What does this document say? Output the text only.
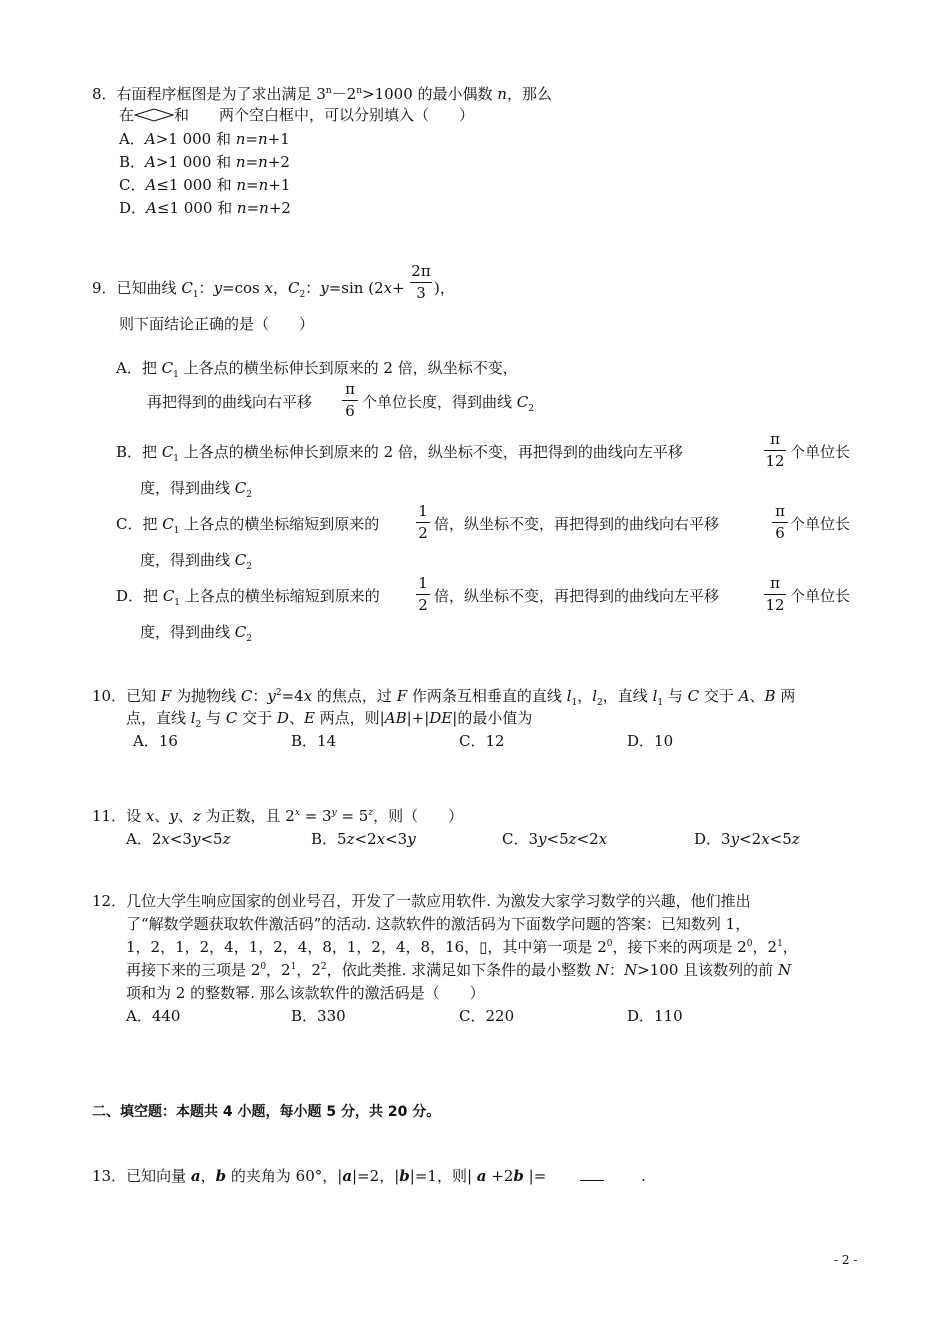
8．右面程序框图是为了求出满足 $3^n-2^n>1000$ 的最小偶数 n，那么
在	和　　两个空白框中，可以分别填入（　　）
A．A>1 000 和 n=n+1
B．A>1 000 和 n=n+2
C．A≤1 000 和 n=n+1
D．A≤1 000 和 n=n+2
9．已知曲线 $C_1$：y=cos x，$C_2$：y=sin (2x+
2π
3 )，
则下面结论正确的是（　　）
A．把 $C_1$ 上各点的横坐标伸长到原来的 2 倍，纵坐标不变，
再把得到的曲线向右平移
π
6 个单位长度，得到曲线 $C_2$
B．把 $C_1$ 上各点的横坐标伸长到原来的 2 倍，纵坐标不变，再把得到的曲线向左平移
π
12 个单位长
度，得到曲线 $C_2$
C．把 $C_1$ 上各点的横坐标缩短到原来的
1
2 倍，纵坐标不变，再把得到的曲线向右平移
π
6 个单位长
度，得到曲线 $C_2$
D．把 $C_1$ 上各点的横坐标缩短到原来的
1
2 倍，纵坐标不变，再把得到的曲线向左平移
π
12 个单位长
度，得到曲线 $C_2$
10．已知 F 为抛物线 C：$y^2=4x$ 的焦点，过 F 作两条互相垂直的直线 $l_1$，$l_2$，直线 $l_1$ 与 C 交于 A、B 两
点，直线 $l_2$ 与 C 交于 D、E 两点，则|AB|+|DE|的最小值为
A．16	B．14	C．12	D．10
11．设 x、y、z 为正数，且 $2^x = 3^y = 5^z$，则（　　）
A．2x<3y<5z	B．5z<2x<3y	C．3y<5z<2x	D．3y<2x<5z
12．几位大学生响应国家的创业号召，开发了一款应用软件. 为激发大家学习数学的兴趣，他们推出
了“解数学题获取软件激活码”的活动. 这款软件的激活码为下面数学问题的答案：已知数列 1，
1，2，1，2，4，1，2，4，8，1，2，4，8，16，▯，其中第一项是 $2^0$，接下来的两项是 $2^0$，$2^1$，
再接下来的三项是 $2^0$，$2^1$，$2^2$，依此类推. 求满足如下条件的最小整数 N：N>100 且该数列的前 N
项和为 2 的整数幂. 那么该款软件的激活码是（　　）
A．440	B．330	C．220	D．110
二、填空题：本题共 4 小题，每小题 5 分，共 20 分。
13．已知向量 a，b 的夹角为 60°，|a|=2，|b|=1，则| a +2b |=	.
- 2 -
